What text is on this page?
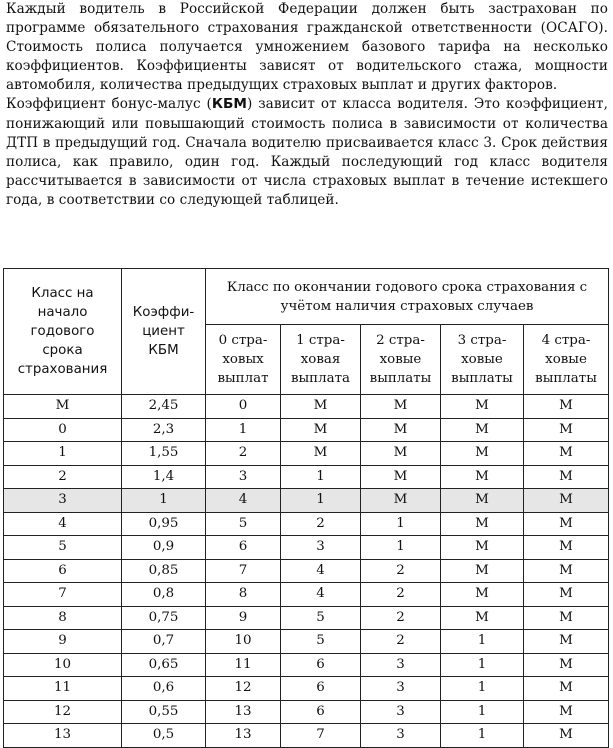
Каждый водитель в Российской Федерации должен быть застрахован по программе обязательного страхования гражданской ответственности (ОСАГО). Стоимость полиса получается умножением базового тарифа на несколько коэффициентов. Коэффициенты зависят от водительского стажа, мощности автомобиля, количества предыдущих страховых выплат и других факторов.

Коэффициент бонус-малус (КБМ) зависит от класса водителя. Это коэффициент, понижающий или повышающий стоимость полиса в зависимости от количества ДТП в предыдущий год. Сначала водителю присваивается класс 3. Срок действия полиса, как правило, один год. Каждый последующий год класс водителя рассчитывается в зависимости от числа страховых выплат в течение истекшего года, в соответствии со следующей таблицей.

Класс на начало годового срока страхования	Коэффициент КБМ	Класс по окончании годового срока страхования с учётом наличия страховых случаев				
		0 страховых выплат	1 страховая выплата	2 страховые выплаты	3 страховые выплаты	4 страховые выплаты
М	2,45	0	М	М	М	М
0	2,3	1	М	М	М	М
1	1,55	2	М	М	М	М
2	1,4	3	1	М	М	М
3	1	4	1	М	М	М
4	0,95	5	2	1	М	М
5	0,9	6	3	1	М	М
6	0,85	7	4	2	М	М
7	0,8	8	4	2	М	М
8	0,75	9	5	2	М	М
9	0,7	10	5	2	1	М
10	0,65	11	6	3	1	М
11	0,6	12	6	3	1	М
12	0,55	13	6	3	1	М
13	0,5	13	7	3	1	М
